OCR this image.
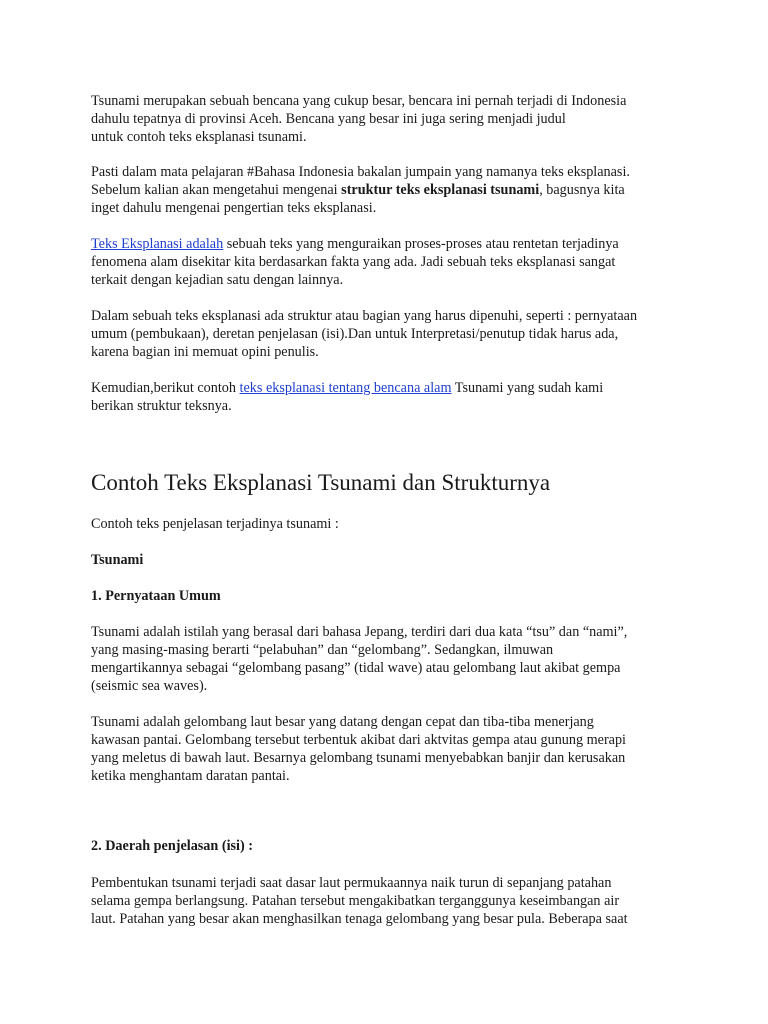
Tsunami merupakan sebuah bencana yang cukup besar, bencara ini pernah terjadi di Indonesia
dahulu tepatnya di provinsi Aceh. Bencana yang besar ini juga sering menjadi judul
untuk contoh teks eksplanasi tsunami.
Pasti dalam mata pelajaran #Bahasa Indonesia bakalan jumpain yang namanya teks eksplanasi.
Sebelum kalian akan mengetahui mengenai struktur teks eksplanasi tsunami, bagusnya kita
inget dahulu mengenai pengertian teks eksplanasi.
Teks Eksplanasi adalah sebuah teks yang menguraikan proses-proses atau rentetan terjadinya
fenomena alam disekitar kita berdasarkan fakta yang ada. Jadi sebuah teks eksplanasi sangat
terkait dengan kejadian satu dengan lainnya.
Dalam sebuah teks eksplanasi ada struktur atau bagian yang harus dipenuhi, seperti : pernyataan
umum (pembukaan), deretan penjelasan (isi).Dan untuk Interpretasi/penutup tidak harus ada,
karena bagian ini memuat opini penulis.
Kemudian,berikut contoh teks eksplanasi tentang bencana alam Tsunami yang sudah kami
berikan struktur teksnya.
Contoh Teks Eksplanasi Tsunami dan Strukturnya
Contoh teks penjelasan terjadinya tsunami :
Tsunami
1. Pernyataan Umum
Tsunami adalah istilah yang berasal dari bahasa Jepang, terdiri dari dua kata “tsu” dan “nami”,
yang masing-masing berarti “pelabuhan” dan “gelombang”. Sedangkan, ilmuwan
mengartikannya sebagai “gelombang pasang” (tidal wave) atau gelombang laut akibat gempa
(seismic sea waves).
Tsunami adalah gelombang laut besar yang datang dengan cepat dan tiba-tiba menerjang
kawasan pantai. Gelombang tersebut terbentuk akibat dari aktvitas gempa atau gunung merapi
yang meletus di bawah laut. Besarnya gelombang tsunami menyebabkan banjir dan kerusakan
ketika menghantam daratan pantai.
2. Daerah penjelasan (isi) :
Pembentukan tsunami terjadi saat dasar laut permukaannya naik turun di sepanjang patahan
selama gempa berlangsung. Patahan tersebut mengakibatkan terganggunya keseimbangan air
laut. Patahan yang besar akan menghasilkan tenaga gelombang yang besar pula. Beberapa saat
